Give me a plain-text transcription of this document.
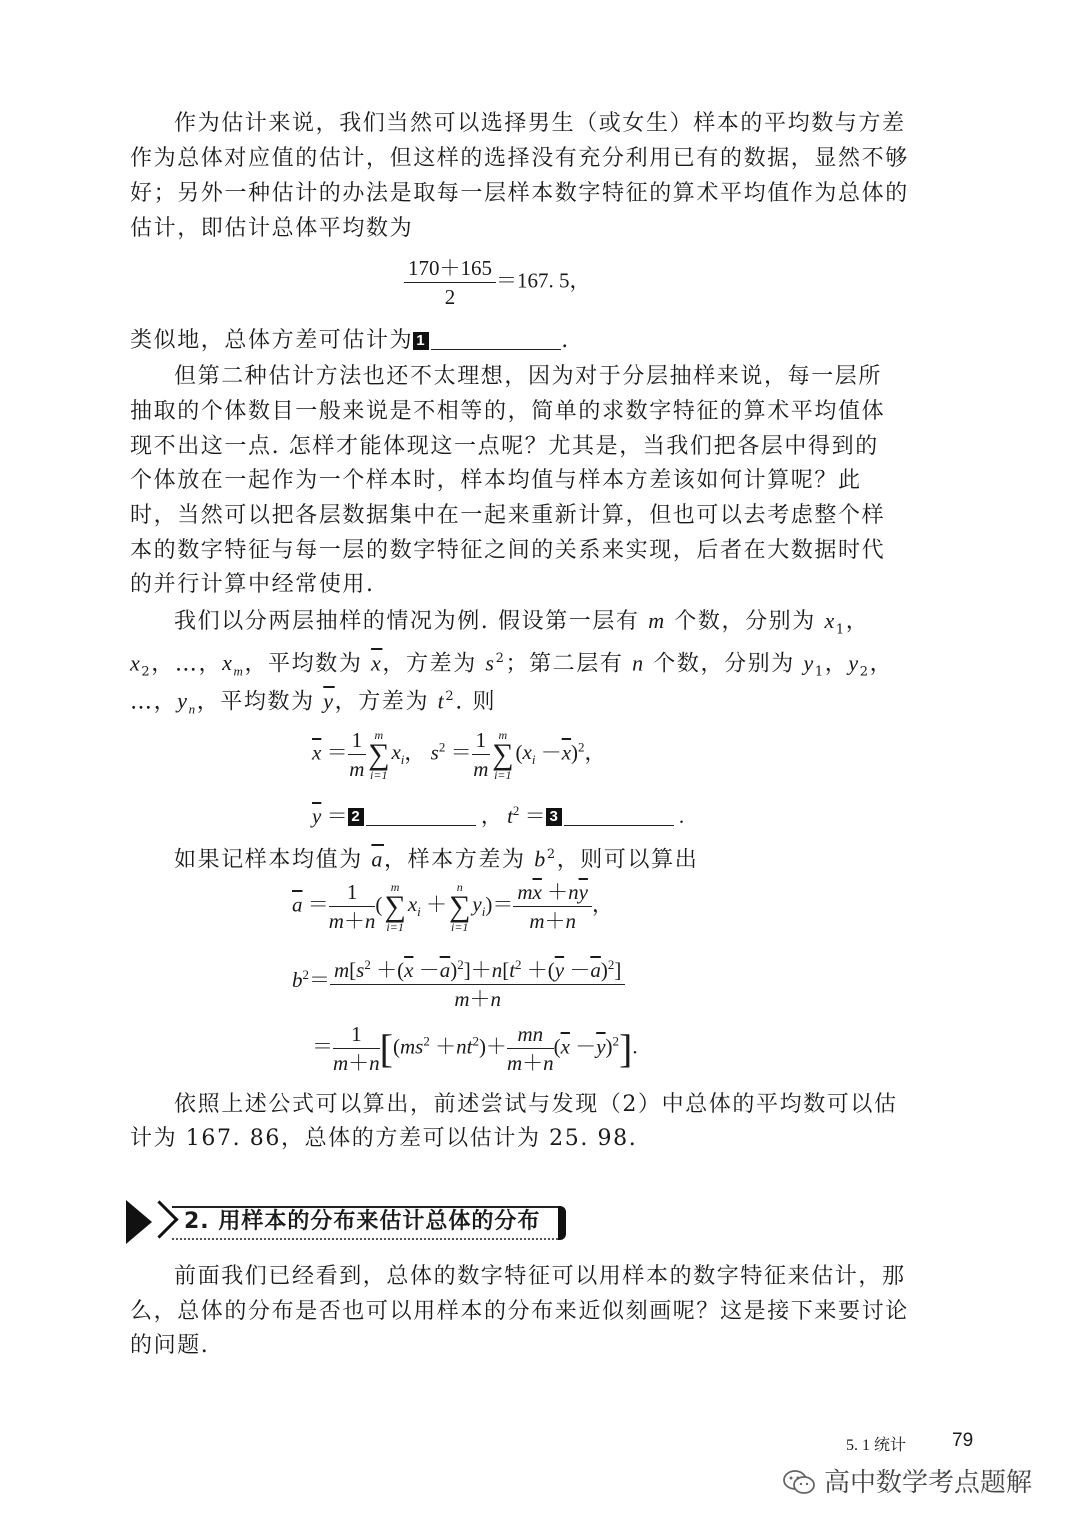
作为估计来说，我们当然可以选择男生（或女生）样本的平均数与方差
作为总体对应值的估计，但这样的选择没有充分利用已有的数据，显然不够
好；另外一种估计的办法是取每一层样本数字特征的算术平均值作为总体的
估计，即估计总体平均数为
$\frac{170+165}{2} =167$. 5，
类似地，总体方差可估计为 1	.
但第二种估计方法也还不太理想，因为对于分层抽样来说，每一层所
抽取的个体数目一般来说是不相等的，简单的求数字特征的算术平均值体
现不出这一点. 怎样才能体现这一点呢？尤其是，当我们把各层中得到的
个体放在一起作为一个样本时，样本均值与样本方差该如何计算呢？此
时，当然可以把各层数据集中在一起来重新计算，但也可以去考虑整个样
本的数字特征与每一层的数字特征之间的关系来实现，后者在大数据时代
的并行计算中经常使用.
我们以分两层抽样的情况为例. 假设第一层有 m 个数，分别为 $x_1$，
$x_2$，…，$x_m$，平均数为 $\overline{x}$，方差为 $s^2$；第二层有 n 个数，分别为 $y_1$，$y_2$，
…，$y_n$，平均数为 $\overline{y}$，方差为 $t^2$. 则
$\overline{x} = \frac{1}{m}$ m
∑
i=1
$x_i$， $s^2 = \frac{1}{m}$ m
∑
i=1
$(x_i -\overline{x})^2$，
$\overline{y} = 2$	， $t^2 = 3$	.
如果记样本均值为 $\overline{a}$，样本方差为 $b^2$，则可以算出
$\overline{a} = \frac{1}{m+n}$ (
m
∑
i=1
$x_i$ ＋
n
∑
i=1
$y_i)= \frac{m\overline{x} +n\overline{y}}{m+n}$ ，
$b^2= \frac{m[s^2 +(\overline{x} -\overline{a})^2]+n[t^2 +(\overline{y} -\overline{a})^2]}{m+n}$
＝ $\frac{1}{m+n} [(ms^2 +nt^2)+ \frac{mn}{m+n} (\overline{x} -\overline{y})^2]$.
依照上述公式可以算出，前述尝试与发现（2）中总体的平均数可以估
计为 167. 86，总体的方差可以估计为 25. 98.
2. 用样本的分布来估计总体的分布
前面我们已经看到，总体的数字特征可以用样本的数字特征来估计，那
么，总体的分布是否也可以用样本的分布来近似刻画呢？这是接下来要讨论
的问题.
5. 1 统计 79
高中数学考点题解
